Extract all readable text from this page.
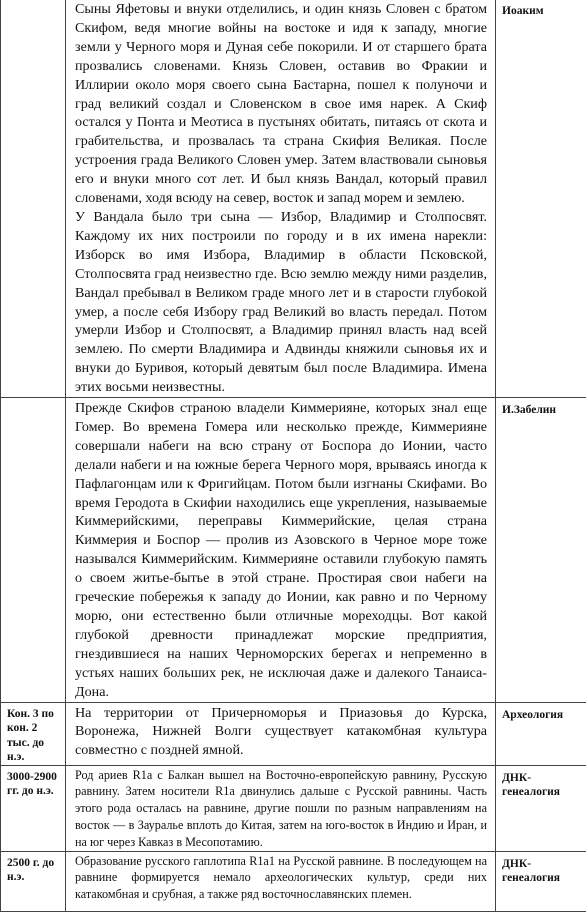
	Сыны Яфетовы и внуки отделились, и один князь Словен с братом Скифом, ведя многие войны на востоке и идя к западу, многие земли у Черного моря и Дуная себе покорили. И от старшего брата прозвались словенами. Князь Словен, оставив во Фракии и Иллирии около моря своего сына Бастарна, пошел к полуночи и град великий создал и Словенском в свое имя нарек. А Скиф остался у Понта и Меотиса в пустынях обитать, питаясь от скота и грабительства, и прозвалась та страна Скифия Великая. После устроения града Великого Словен умер. Затем властвовали сыновья его и внуки много сот лет. И был князь Вандал, который правил словенами, ходя всюду на север, восток и запад морем и землею.

У Вандала было три сына — Избор, Владимир и Столпосвят. Каждому их них построили по городу и в их имена нарекли: Изборск во имя Избора, Владимир в области Псковской, Столпосвята град неизвестно где. Всю землю между ними разделив, Вандал пребывал в Великом граде много лет и в старости глубокой умер, а после себя Избору град Великий во власть передал. Потом умерли Избор и Столпосвят, а Владимир принял власть над всей землею. По смерти Владимира и Адвинды княжили сыновья их и внуки до Буривоя, который девятым был после Владимира. Имена этих восьми неизвестны.	Иоаким

	Прежде Скифов страною владели Киммерияне, которых знал еще Гомер. Во времена Гомера или несколько прежде, Киммерияне совершали набеги на всю страну от Боспора до Ионии, часто делали набеги и на южные берега Черного моря, врываясь иногда к Пафлагонцам или к Фригийцам. Потом были изгнаны Скифами. Во время Геродота в Скифии находились еще укрепления, называемые Киммерийскими, переправы Киммерийские, целая страна Киммерия и Боспор — пролив из Азовского в Черное море тоже назывался Киммерийским. Киммерияне оставили глубокую память о своем житье-бытье в этой стране. Простирая свои набеги на греческие побережья к западу до Ионии, как равно и по Черному морю, они естественно были отличные мореходцы. Вот какой глубокой древности принадлежат морские предприятия, гнездившиеся на наших Черноморских берегах и непременно в устьях наших больших рек, не исключая даже и далекого Танаиса-Дона.	И.Забелин
Кон. 3 по кон. 2 тыс. до н.э.	На территории от Причерноморья и Приазовья до Курска, Воронежа, Нижней Волги существует катакомбная культура совместно с поздней ямной.	Археология
3000-2900 гг. до н.э.	Род ариев R1a с Балкан вышел на Восточно-европейскую равнину, Русскую равнину. Затем носители R1a двинулись дальше с Русской равнины. Часть этого рода осталась на равнине, другие пошли по разным направлениям на восток — в Зауралье вплоть до Китая, затем на юго-восток в Индию и Иран, и на юг через Кавказ в Месопотамию.	ДНК-генеалогия
2500 г. до н.э.	Образование русского гаплотипа R1a1 на Русской равнине. В последующем на равнине формируется немало археологических культур, среди них катакомбная и срубная, а также ряд восточнославянских племен.	ДНК-генеалогия
